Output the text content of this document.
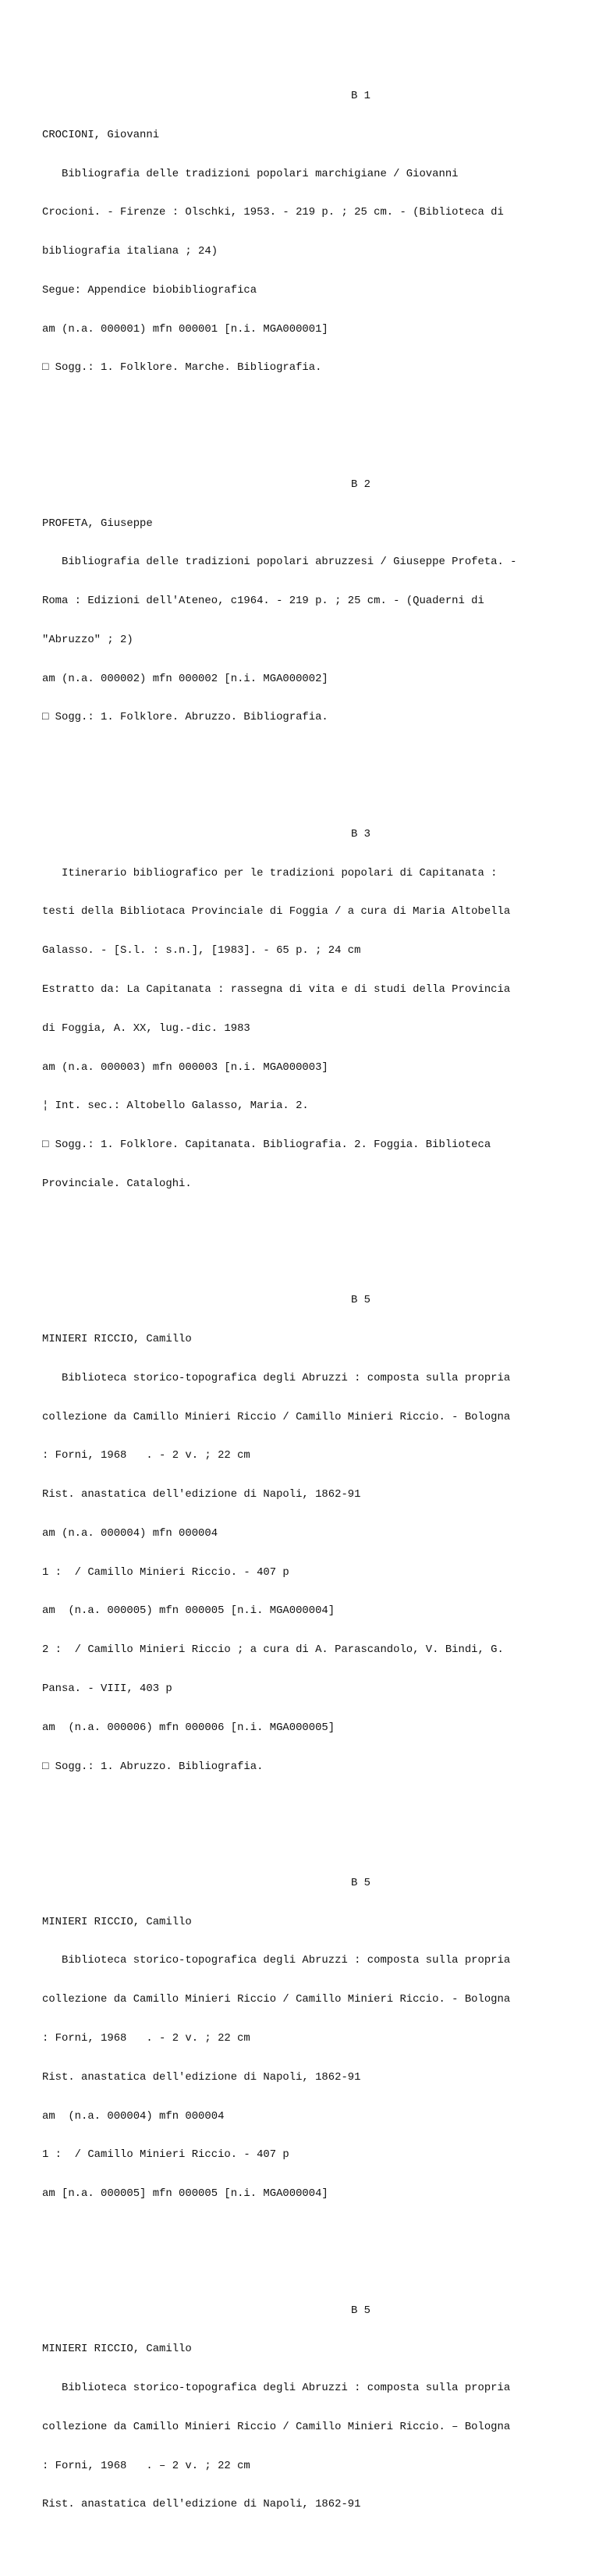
B 1

CROCIONI, Giovanni

Bibliografia delle tradizioni popolari marchigiane / Giovanni

Crocioni. - Firenze : Olschki, 1953. - 219 p. ; 25 cm. - (Biblioteca di

bibliografia italiana ; 24)

Segue: Appendice biobibliografica

am (n.a. 000001) mfn 000001 [n.i. MGA000001]

□ Sogg.: 1. Folklore. Marche. Bibliografia.

B 2

PROFETA, Giuseppe

Bibliografia delle tradizioni popolari abruzzesi / Giuseppe Profeta. -

Roma : Edizioni dell'Ateneo, c1964. - 219 p. ; 25 cm. - (Quaderni di

"Abruzzo" ; 2)

am (n.a. 000002) mfn 000002 [n.i. MGA000002]

□ Sogg.: 1. Folklore. Abruzzo. Bibliografia.

B 3

Itinerario bibliografico per le tradizioni popolari di Capitanata :

testi della Bibliotaca Provinciale di Foggia / a cura di Maria Altobella

Galasso. - [S.l. : s.n.], [1983]. - 65 p. ; 24 cm

Estratto da: La Capitanata : rassegna di vita e di studi della Provincia

di Foggia, A. XX, lug.-dic. 1983

am (n.a. 000003) mfn 000003 [n.i. MGA000003]

¦ Int. sec.: Altobello Galasso, Maria. 2.

□ Sogg.: 1. Folklore. Capitanata. Bibliografia. 2. Foggia. Biblioteca

Provinciale. Cataloghi.

B 5

MINIERI RICCIO, Camillo

Biblioteca storico-topografica degli Abruzzi : composta sulla propria

collezione da Camillo Minieri Riccio / Camillo Minieri Riccio. - Bologna

: Forni, 1968   . - 2 v. ; 22 cm

Rist. anastatica dell'edizione di Napoli, 1862-91

am (n.a. 000004) mfn 000004

1 :  / Camillo Minieri Riccio. - 407 p

am  (n.a. 000005) mfn 000005 [n.i. MGA000004]

2 :  / Camillo Minieri Riccio ; a cura di A. Parascandolo, V. Bindi, G.

Pansa. - VIII, 403 p

am  (n.a. 000006) mfn 000006 [n.i. MGA000005]

□ Sogg.: 1. Abruzzo. Bibliografia.

B 5

MINIERI RICCIO, Camillo

Biblioteca storico-topografica degli Abruzzi : composta sulla propria

collezione da Camillo Minieri Riccio / Camillo Minieri Riccio. - Bologna

: Forni, 1968   . - 2 v. ; 22 cm

Rist. anastatica dell'edizione di Napoli, 1862-91

am  (n.a. 000004) mfn 000004

1 :  / Camillo Minieri Riccio. - 407 p

am [n.a. 000005] mfn 000005 [n.i. MGA000004]

B 5

MINIERI RICCIO, Camillo

Biblioteca storico-topografica degli Abruzzi : composta sulla propria

collezione da Camillo Minieri Riccio / Camillo Minieri Riccio. – Bologna

: Forni, 1968   . – 2 v. ; 22 cm

Rist. anastatica dell'edizione di Napoli, 1862-91
